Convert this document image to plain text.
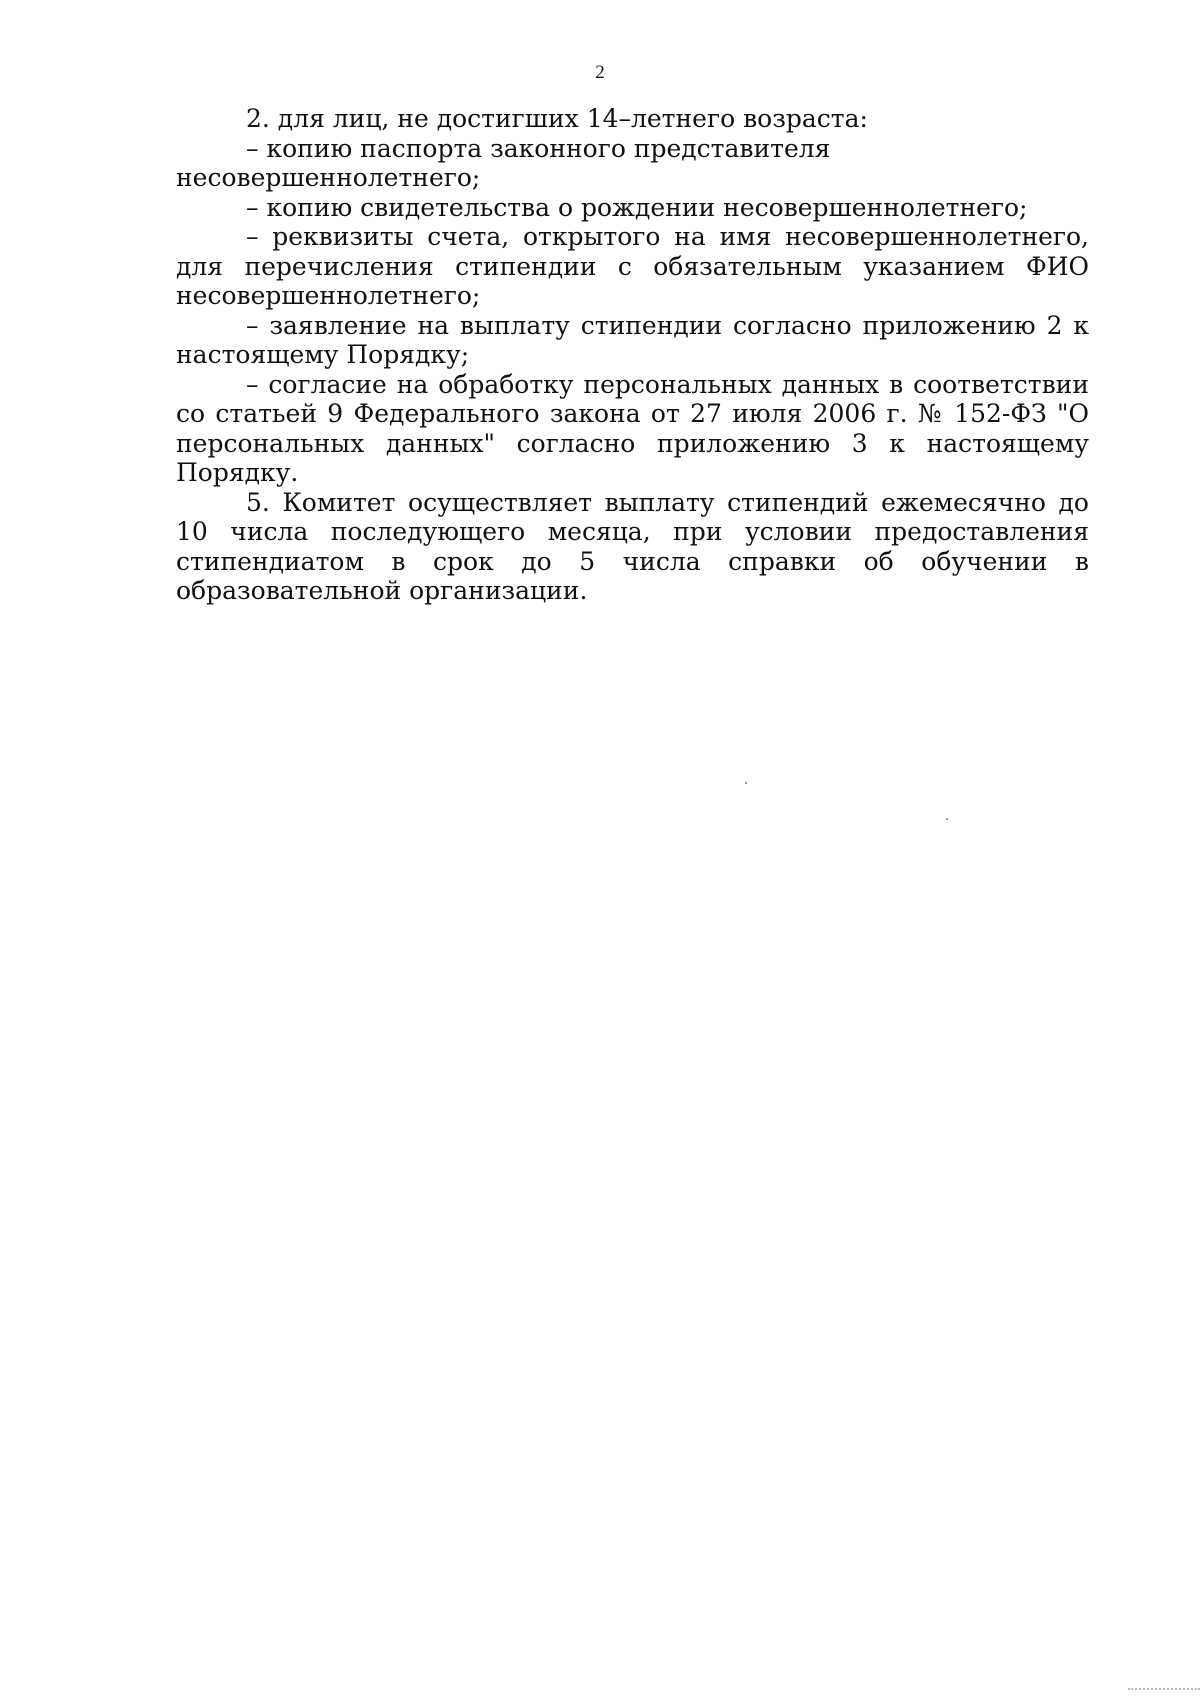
2

2. для лиц, не достигших 14–летнего возраста:

– копию паспорта законного представителя несовершеннолетнего;

– копию свидетельства о рождении несовершеннолетнего;

– реквизиты счета, открытого на имя несовершеннолетнего, для перечисления стипендии с обязательным указанием ФИО несовершеннолетнего;

– заявление на выплату стипендии согласно приложению 2 к настоящему Порядку;

– согласие на обработку персональных данных в соответствии со статьей 9 Федерального закона от 27 июля 2006 г. № 152-ФЗ "О персональных данных" согласно приложению 3 к настоящему Порядку.

5. Комитет осуществляет выплату стипендий ежемесячно до 10 числа последующего месяца, при условии предоставления стипендиатом в срок до 5 числа справки об обучении в образовательной организации.
